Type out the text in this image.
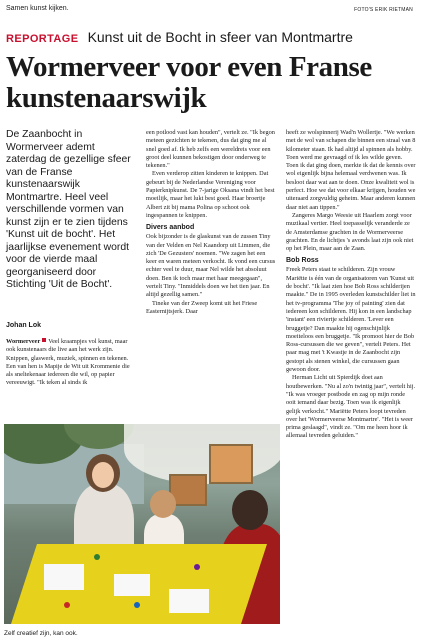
Samen kunst kijken.	FOTO'S ERIK RIETMAN
REPORTAGE Kunst uit de Bocht in sfeer van Montmartre
Wormerveer voor even Franse kunstenaarswijk

De Zaanbocht in Wormerveer ademt zaterdag de gezellige sfeer van de Franse kunstenaarswijk Montmartre. Heel veel verschillende vormen van kunst zijn er te zien tijdens 'Kunst uit de bocht'. Het jaarlijkse evenement wordt voor de vierde maal georganiseerd door Stichting 'Uit de Bocht'.

Johan Lok

Wormerveer Veel kraampjes vol kunst, maar ook kunstenaars die live aan het werk zijn. Knippen, glaswerk, muziek, spinnen en tekenen. Een van hen is Mapije de Wit uit Krommenie die als sneltekenaar iedereen die wil, op papier vereeuwigt. "Ik teken al sinds ik

een potlood vast kan houden", vertelt ze. "Ik begon meteen gezichten te tekenen, dus dat ging me al snel goed af. Ik heb zelfs een wereldreis voor een groot deel kunnen bekostigen door onderweg te tekenen."

Even verderop zitten kinderen te knippen. Dat gebeurt bij de Nederlandse Vereniging voor Papierknipkunst. De 7-jarige Oksana vindt het best moeilijk, maar het lukt best goed. Haar broertje Albert zit bij mama Polina op schoot ook ingespannen te knippen.

Divers aanbod

Ook bijzonder is de glaskunst van de zussen Tiny van der Velden en Nel Kaandorp uit Limmen, die zich 'De Gezusters' noemen. "We zagen het een keer en waren meteen verkocht. Ik vond een cursus echter veel te duur, maar Nel wilde het absoluut doen. Ben ik toch maar met haar meegegaan", vertelt Tiny. "Inmiddels doen we het tien jaar. En altijd gezellig samen."

Tineke van der Zweep komt uit het Friese Easternijtsjerk. Daar

heeft ze wolspinnerij Wad'n Wollertje. "We werken met de wol van schapen die binnen een straal van 8 kilometer staan. Ik had altijd al spinnen als hobby. Toen werd me gevraagd of ik les wilde geven. Toen ik dat ging doen, merkte ik dat de kennis over wol eigenlijk bijna helemaal verdwenen was. Ik besloot daar wat aan te doen. Onze kwaliteit wol is perfect. Hoe we dat voor elkaar krijgen, houden we uiteraard zorgvuldig geheim. Maar anderen kunnen daar niet aan tippen."

Zangeres Margo Weesie uit Haarlem zorgt voor muzikaal vertier. Heel toepasselijk veranderde ze de Amsterdamse grachten in de Wormerveerse grachten. En de lichtjes 's avonds laat zijn ook niet op het Plein, maar aan de Zaan.

Bob Ross

Freek Peters staat te schilderen. Zijn vrouw Mariëtte is één van de organisatoren van 'Kunst uit de bocht'. "Ik laat zien hoe Bob Ross schilderijen maakte." De in 1995 overleden kunstschilder liet in het tv-programma 'The joy of painting' zien dat iedereen kon schilderen. Hij kon in een landschap 'instant' een riviertje schilderen. 'Lever een bruggetje? Dan maakte hij ogenschijnlijk moeiteloos een bruggetje. "Ik promoot hier de Bob Ross-cursussen die we geven", vertelt Peters. Het paar mag met 't Kwastje in de Zaanbocht zijn gestopt als stenen winkel, die cursussen gaan gewoon door.

Herman Licht uit Spierdijk doet aan houtbewerken. "Nu al zo'n twintig jaar", vertelt hij. "Ik was vroeger postbode en zag op mijn ronde ooit iemand daar bezig. Toen was ik eigenlijk gelijk verkocht." Mariëtte Peters loopt tevreden over het 'Wormerveerse Montmartre'. "Het is weer prima geslaagd", vindt ze. "Om me heen hoor ik allemaal tevreden geluiden."

Zelf creatief zijn, kan ook.
